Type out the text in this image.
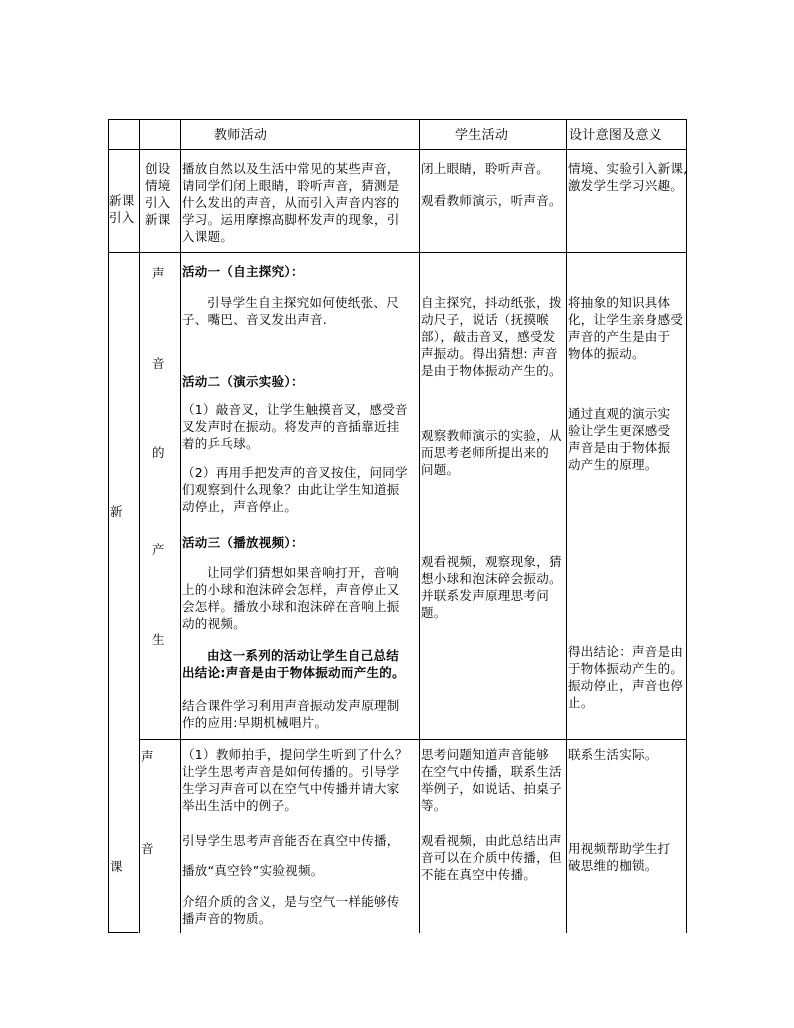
教师活动	学生活动	设计意图及意义
新课
引入
创设
情境
引入
新课
播放自然以及生活中常见的某些声音，
请同学们闭上眼睛，聆听声音，猜测是
什么发出的声音，从而引入声音内容的
学习。运用摩擦高脚杯发声的现象，引
入课题。
闭上眼睛，聆听声音。
观看教师演示，听声音。
情境、实验引入新课,
激发学生学习兴趣。
新
课
声
音
的
产
生
声
音
活动一（自主探究）：
引导学生自主探究如何使纸张、尺
子、嘴巴、音叉发出声音.
活动二（演示实验）：
（1）敲音叉，让学生触摸音叉，感受音
叉发声时在振动。将发声的音插靠近挂
着的乒乓球。
（2）再用手把发声的音叉按住，问同学
们观察到什么现象？由此让学生知道振
动停止，声音停止。
活动三（播放视频）：
让同学们猜想如果音响打开，音响
上的小球和泡沫碎会怎样，声音停止又
会怎样。播放小球和泡沫碎在音响上振
动的视频。
由这一系列的活动让学生自己总结
出结论:声音是由于物体振动而产生的。
结合课件学习利用声音振动发声原理制
作的应用:早期机械唱片。
自主探究，抖动纸张，拨
动尺子，说话（抚摸喉
部），敲击音叉，感受发
声振动。得出猜想: 声音
是由于物体振动产生的。
观察教师演示的实验，从
而思考老师所提出来的
问题。
观看视频，观察现象，猜
想小球和泡沫碎会振动。
并联系发声原理思考问
题。
将抽象的知识具体
化，让学生亲身感受
声音的产生是由于
物体的振动。
通过直观的演示实
验让学生更深感受
声音是由于物体振
动产生的原理。
得出结论：声音是由
于物体振动产生的。
振动停止，声音也停
止。
（1）教师拍手，提问学生听到了什么？
让学生思考声音是如何传播的。引导学
生学习声音可以在空气中传播并请大家
举出生活中的例子。
引导学生思考声音能否在真空中传播，
播放“真空铃”实验视频。
介绍介质的含义，是与空气一样能够传
播声音的物质。
思考问题知道声音能够
在空气中传播，联系生活
举例子，如说话、拍桌子
等。
观看视频，由此总结出声
音可以在介质中传播，但
不能在真空中传播。
联系生活实际。
用视频帮助学生打
破思维的枷锁。
